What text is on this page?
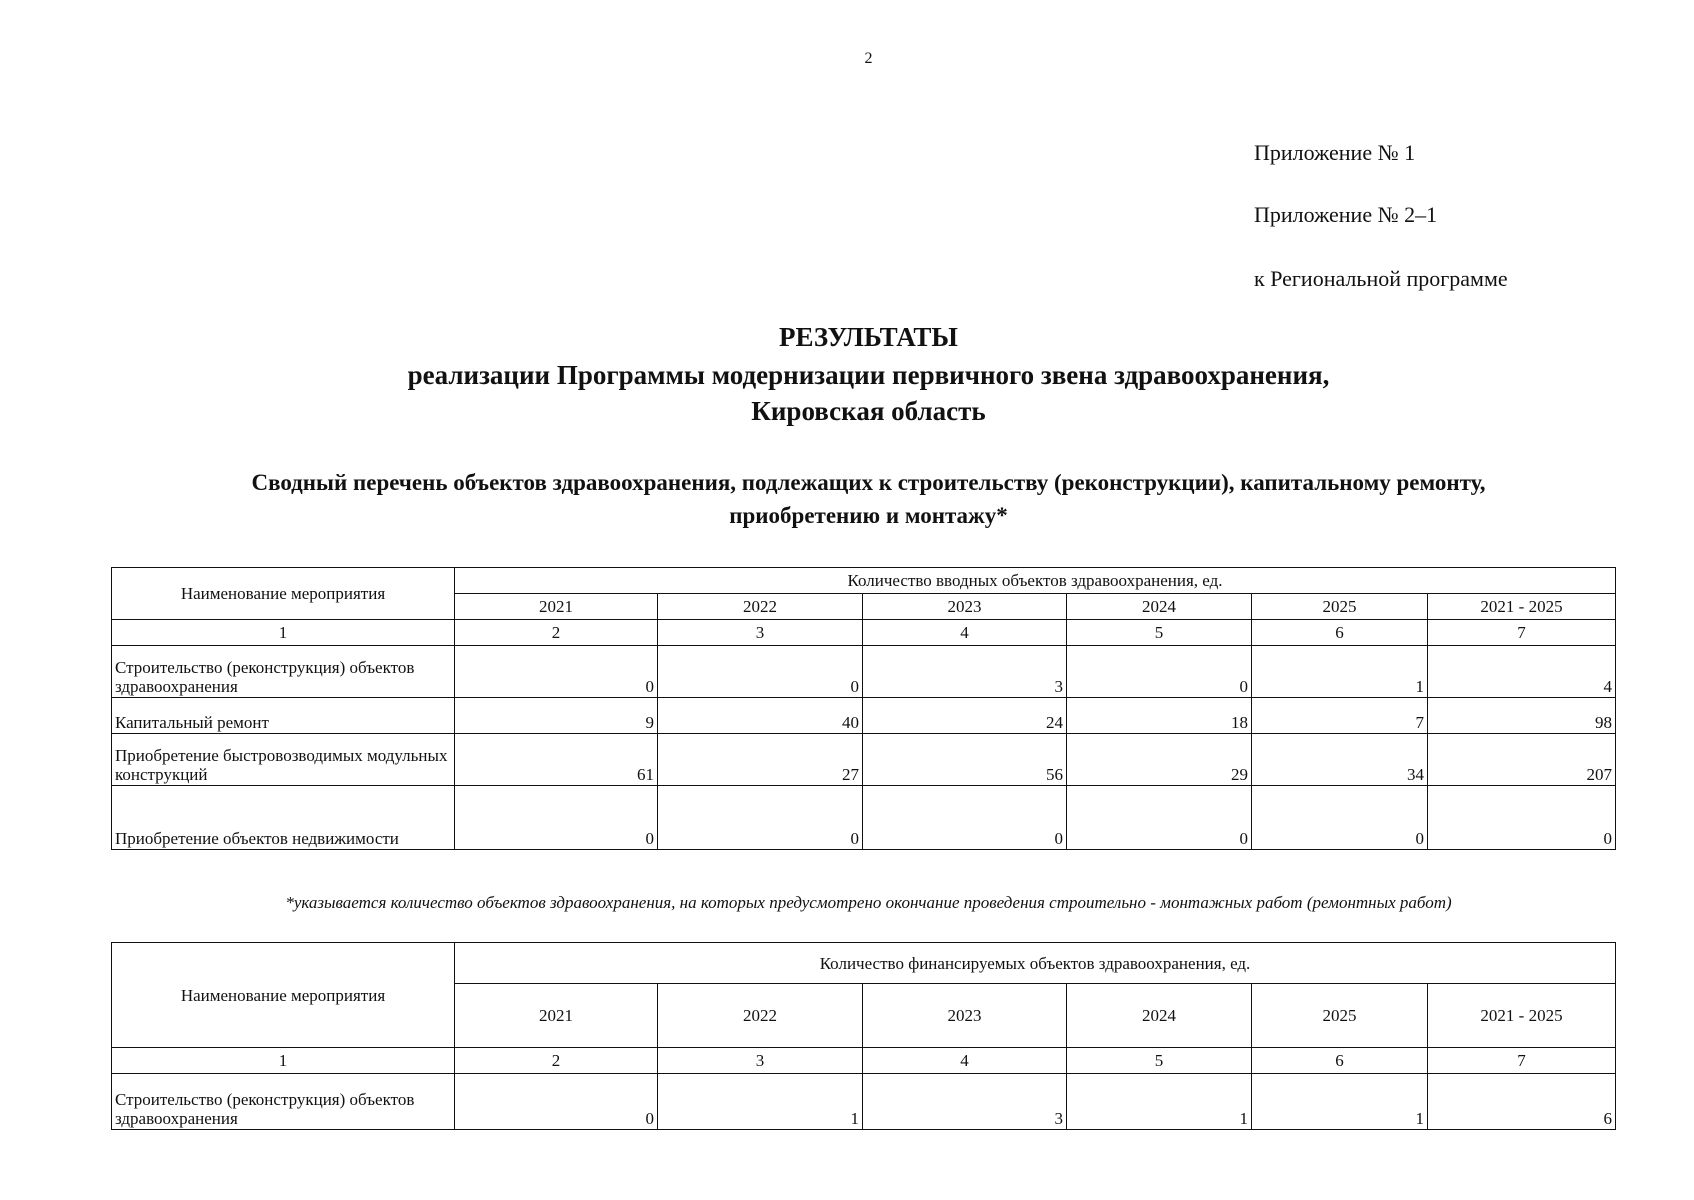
2
Приложение № 1
Приложение № 2–1
к Региональной программе
РЕЗУЛЬТАТЫ
реализации Программы модернизации первичного звена здравоохранения,
Кировская область
Сводный перечень объектов здравоохранения, подлежащих к строительству (реконструкции), капитальному ремонту,
приобретению и монтажу*
Наименование мероприятия	Количество вводных объектов здравоохранения, ед.					
	2021	2022	2023	2024	2025	2021 - 2025
1	2	3	4	5	6	7
Строительство (реконструкция) объектов здравоохранения	0	0	3	0	1	4
Капитальный ремонт	9	40	24	18	7	98
Приобретение быстровозводимых модульных конструкций	61	27	56	29	34	207
Приобретение объектов недвижимости	0	0	0	0	0	0
*указывается количество объектов здравоохранения, на которых предусмотрено окончание проведения строительно - монтажных работ (ремонтных работ)
Наименование мероприятия	Количество финансируемых объектов здравоохранения, ед.					
	2021	2022	2023	2024	2025	2021 - 2025
1	2	3	4	5	6	7
Строительство (реконструкция) объектов здравоохранения	0	1	3	1	1	6
